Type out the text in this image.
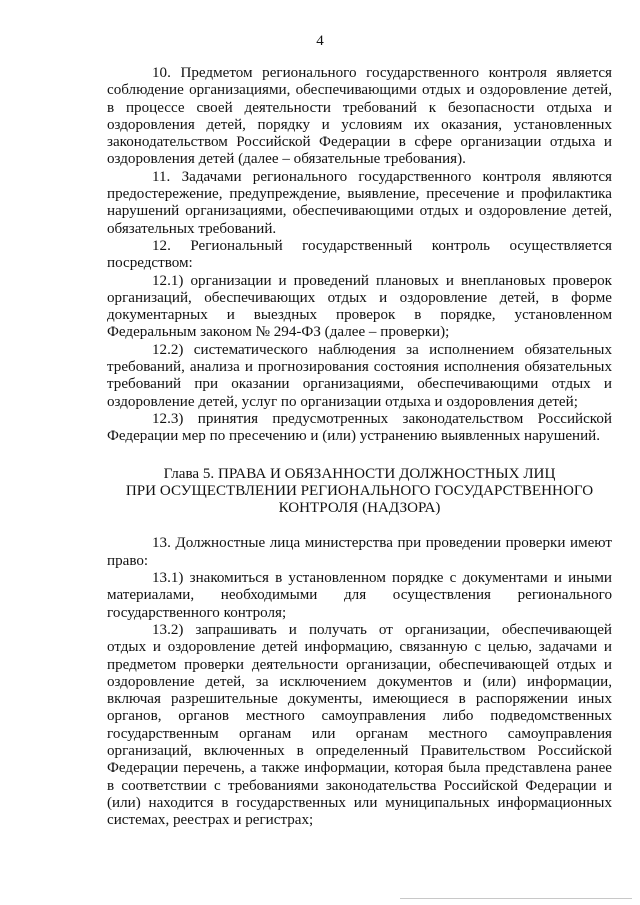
4
10. Предметом регионального государственного контроля является
соблюдение организациями, обеспечивающими отдых и оздоровление детей,
в процессе своей деятельности требований к безопасности отдыха и
оздоровления детей, порядку и условиям их оказания, установленных
законодательством Российской Федерации в сфере организации отдыха и
оздоровления детей (далее – обязательные требования).
11. Задачами регионального государственного контроля являются
предостережение, предупреждение, выявление, пресечение и профилактика
нарушений организациями, обеспечивающими отдых и оздоровление детей,
обязательных требований.
12. Региональный государственный контроль осуществляется
посредством:
12.1) организации и проведений плановых и внеплановых проверок
организаций, обеспечивающих отдых и оздоровление детей, в форме
документарных и выездных проверок в порядке, установленном
Федеральным законом № 294-ФЗ (далее – проверки);
12.2) систематического наблюдения за исполнением обязательных
требований, анализа и прогнозирования состояния исполнения обязательных
требований при оказании организациями, обеспечивающими отдых и
оздоровление детей, услуг по организации отдыха и оздоровления детей;
12.3) принятия предусмотренных законодательством Российской
Федерации мер по пресечению и (или) устранению выявленных нарушений.
Глава 5. ПРАВА И ОБЯЗАННОСТИ ДОЛЖНОСТНЫХ ЛИЦ
ПРИ ОСУЩЕСТВЛЕНИИ РЕГИОНАЛЬНОГО ГОСУДАРСТВЕННОГО
КОНТРОЛЯ (НАДЗОРА)
13. Должностные лица министерства при проведении проверки имеют
право:
13.1) знакомиться в установленном порядке с документами и иными
материалами, необходимыми для осуществления регионального
государственного контроля;
13.2) запрашивать и получать от организации, обеспечивающей
отдых и оздоровление детей информацию, связанную с целью, задачами и
предметом проверки деятельности организации, обеспечивающей отдых и
оздоровление детей, за исключением документов и (или) информации,
включая разрешительные документы, имеющиеся в распоряжении иных
органов, органов местного самоуправления либо подведомственных
государственным органам или органам местного самоуправления
организаций, включенных в определенный Правительством Российской
Федерации перечень, а также информации, которая была представлена ранее
в соответствии с требованиями законодательства Российской Федерации и
(или) находится в государственных или муниципальных информационных
системах, реестрах и регистрах;
